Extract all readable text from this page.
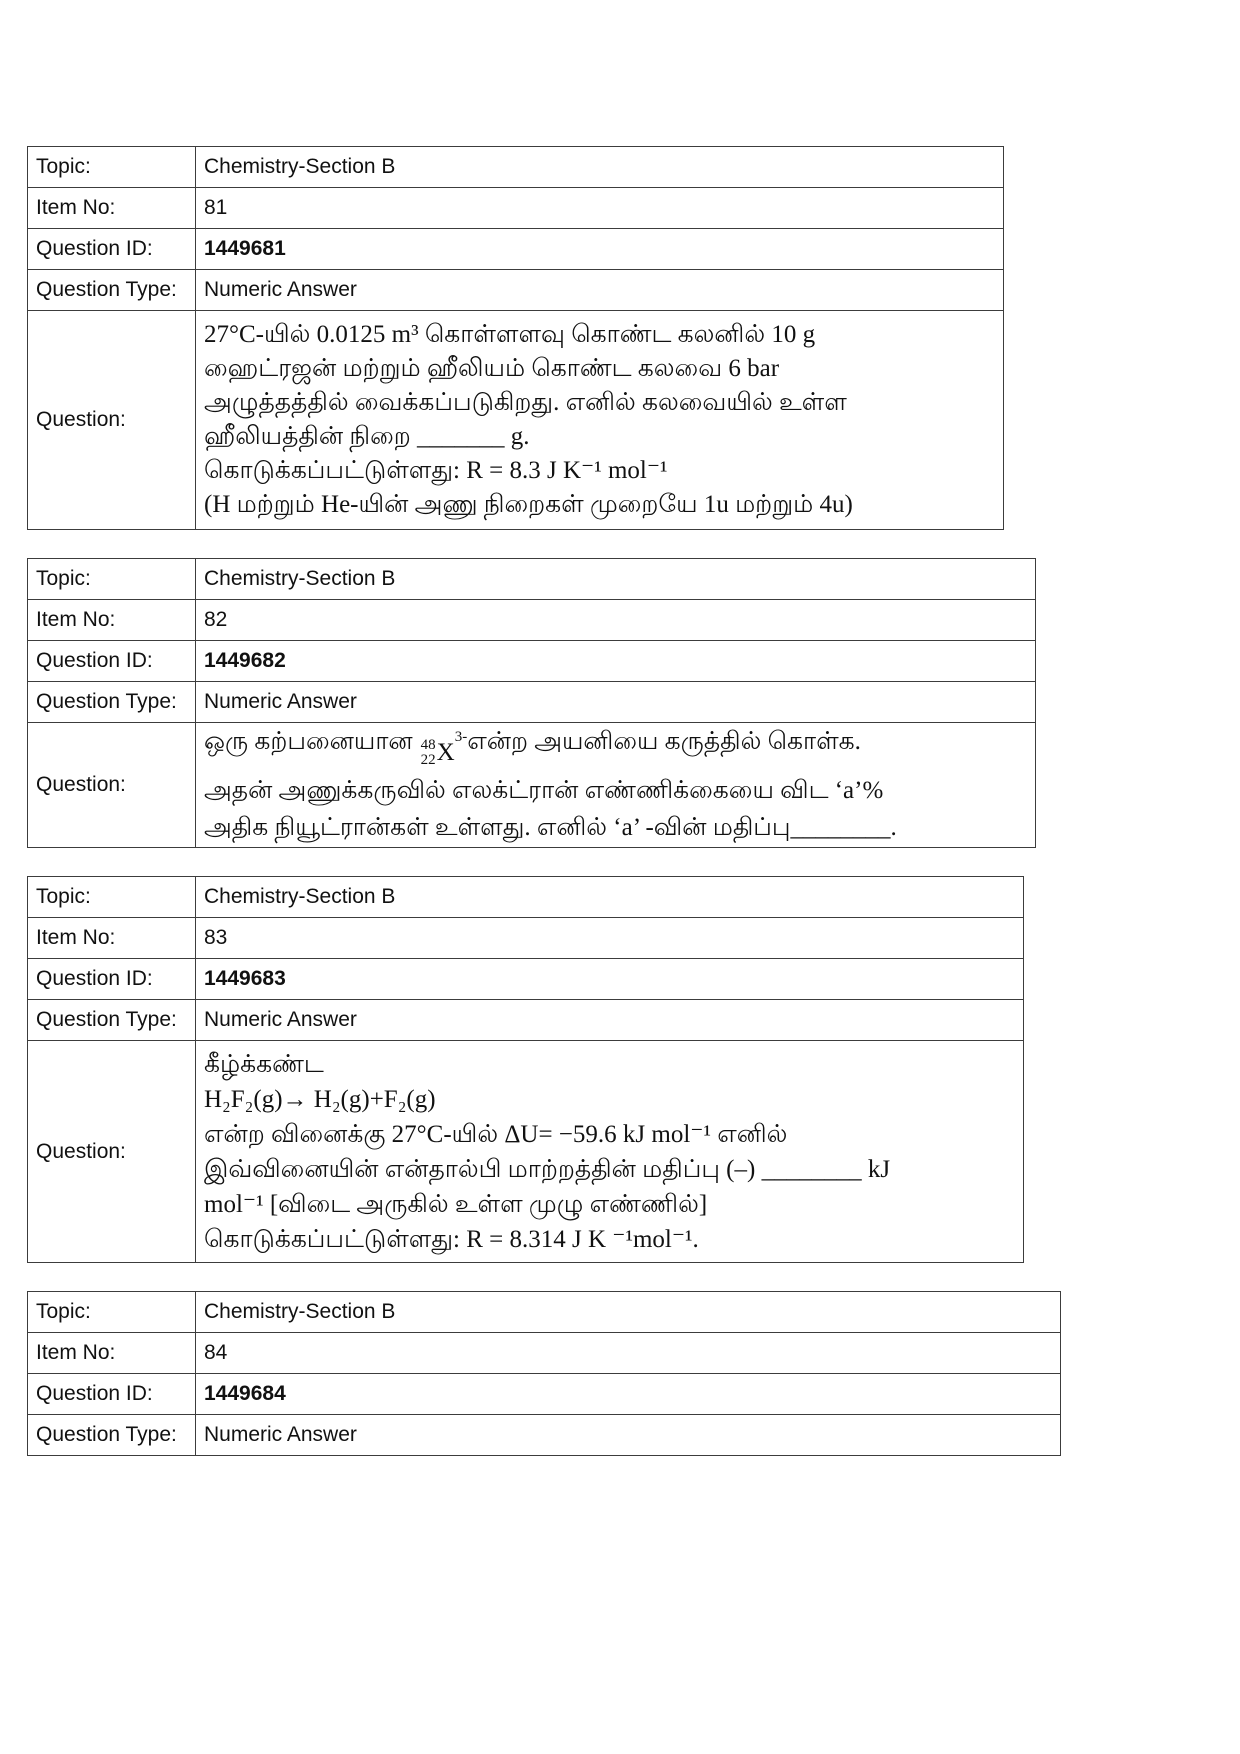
Topic:	Chemistry-Section B
Item No:	81
Question ID:	1449681
Question Type:	Numeric Answer
Question:
27°C-யில் 0.0125 m³ கொள்ளளவு கொண்ட கலனில் 10 g
ஹைட்ரஜன் மற்றும் ஹீலியம் கொண்ட கலவை 6 bar
அழுத்தத்தில் வைக்கப்படுகிறது. எனில் கலவையில் உள்ள
ஹீலியத்தின் நிறை _______ g.
கொடுக்கப்பட்டுள்ளது: R = 8.3 J K⁻¹ mol⁻¹
(H மற்றும் He-யின் அணு நிறைகள் முறையே 1u மற்றும் 4u)
Topic:	Chemistry-Section B
Item No:	82
Question ID:	1449682
Question Type:	Numeric Answer
Question:
ஒரு கற்பனையான 48
22 X
3- என்ற அயனியை கருத்தில் கொள்க.
அதன் அணுக்கருவில் எலக்ட்ரான் எண்ணிக்கையை விட ‘a’%
அதிக நியூட்ரான்கள் உள்ளது. எனில் ‘a’ -வின் மதிப்பு________.
Topic:	Chemistry-Section B
Item No:	83
Question ID:	1449683
Question Type:	Numeric Answer
Question:
கீழ்க்கண்ட
H₂F₂(g)→ H₂(g)+F₂(g)
என்ற வினைக்கு 27°C-யில் ΔU= −59.6 kJ mol⁻¹ எனில்
இவ்வினையின் என்தால்பி மாற்றத்தின் மதிப்பு (–) ________ kJ
mol⁻¹ [விடை அருகில் உள்ள முழு எண்ணில்]
கொடுக்கப்பட்டுள்ளது: R = 8.314 J K ⁻¹mol⁻¹.
Topic:	Chemistry-Section B
Item No:	84
Question ID:	1449684
Question Type:	Numeric Answer
